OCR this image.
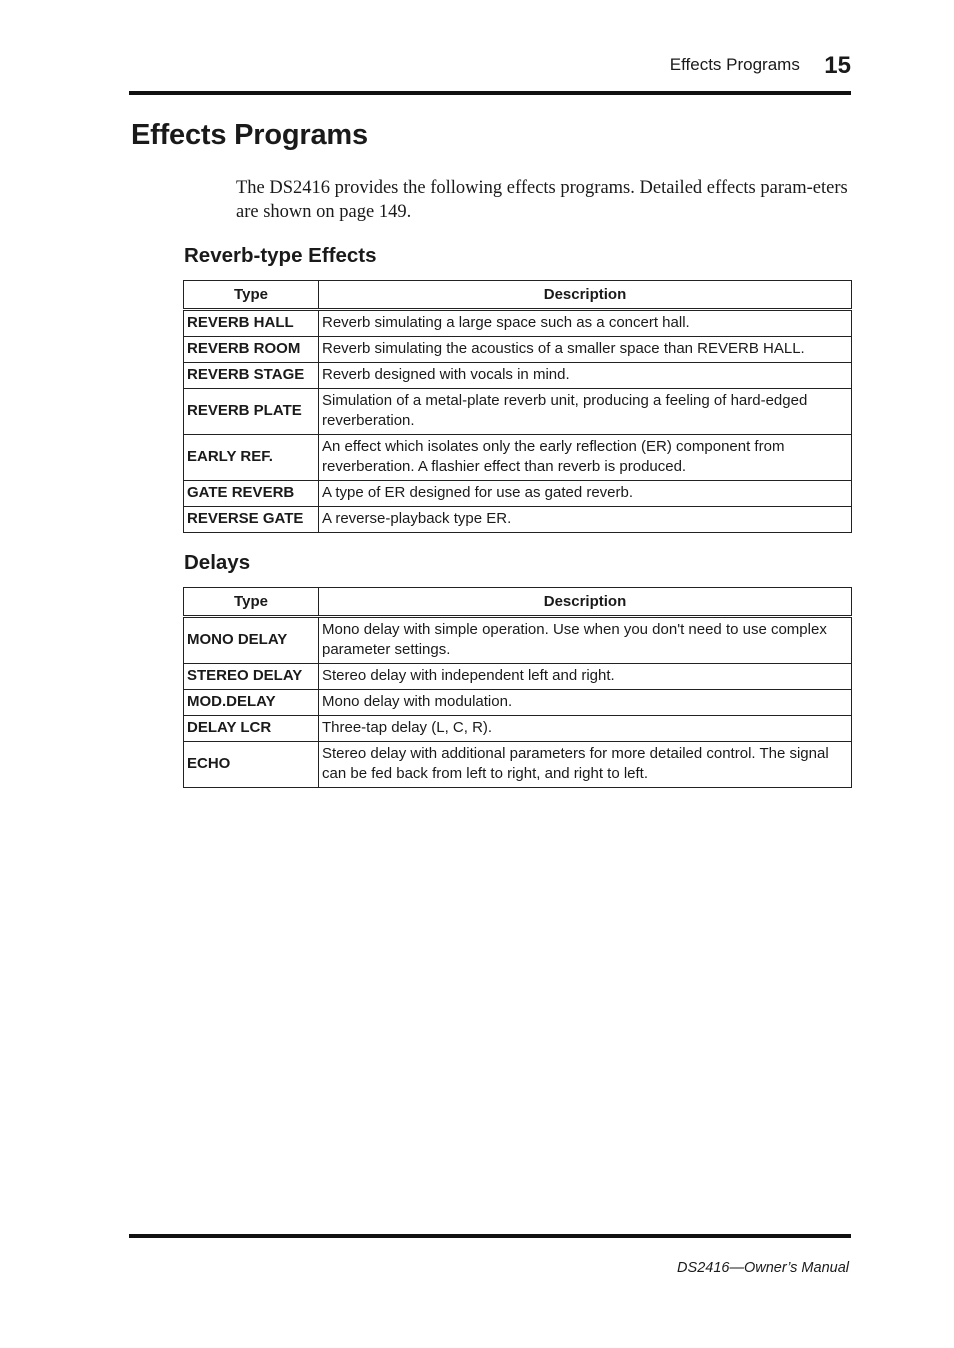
Effects Programs 15
Effects Programs

The DS2416 provides the following effects programs. Detailed effects param-eters are shown on page 149.

Reverb-type Effects
Type	Description
REVERB HALL	Reverb simulating a large space such as a concert hall.
REVERB ROOM	Reverb simulating the acoustics of a smaller space than REVERB HALL.
REVERB STAGE	Reverb designed with vocals in mind.
REVERB PLATE	Simulation of a metal-plate reverb unit, producing a feeling of hard-edged reverberation.
EARLY REF.	An effect which isolates only the early reflection (ER) component from reverberation. A flashier effect than reverb is produced.
GATE REVERB	A type of ER designed for use as gated reverb.
REVERSE GATE	A reverse-playback type ER.
Delays
Type	Description
MONO DELAY	Mono delay with simple operation. Use when you don't need to use complex parameter settings.
STEREO DELAY	Stereo delay with independent left and right.
MOD.DELAY	Mono delay with modulation.
DELAY LCR	Three-tap delay (L, C, R).
ECHO	Stereo delay with additional parameters for more detailed control. The signal can be fed back from left to right, and right to left.
DS2416—Owner’s Manual
